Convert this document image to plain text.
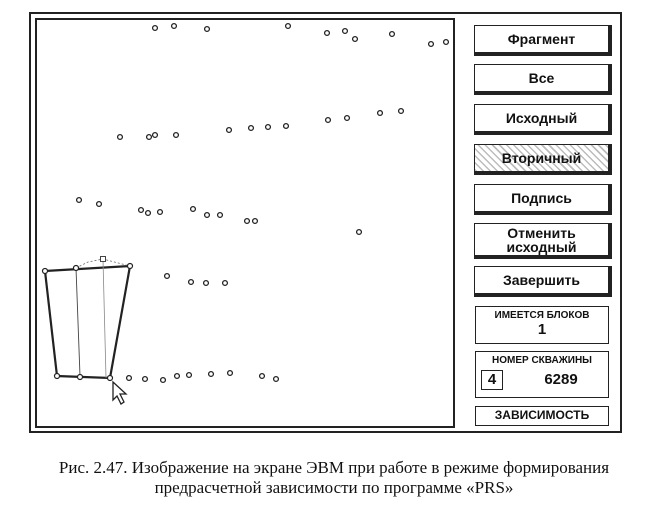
Фрагмент
Все
Исходный
Вторичный
Подпись
Отменить
исходный
Завершить
ИМЕЕТСЯ БЛОКОВ
1
НОМЕР СКВАЖИНЫ
4	6289
ЗАВИСИМОСТЬ
Рис. 2.47. Изображение на экране ЭВМ при работе в режиме формирования
предрасчетной зависимости по программе «PRS»
